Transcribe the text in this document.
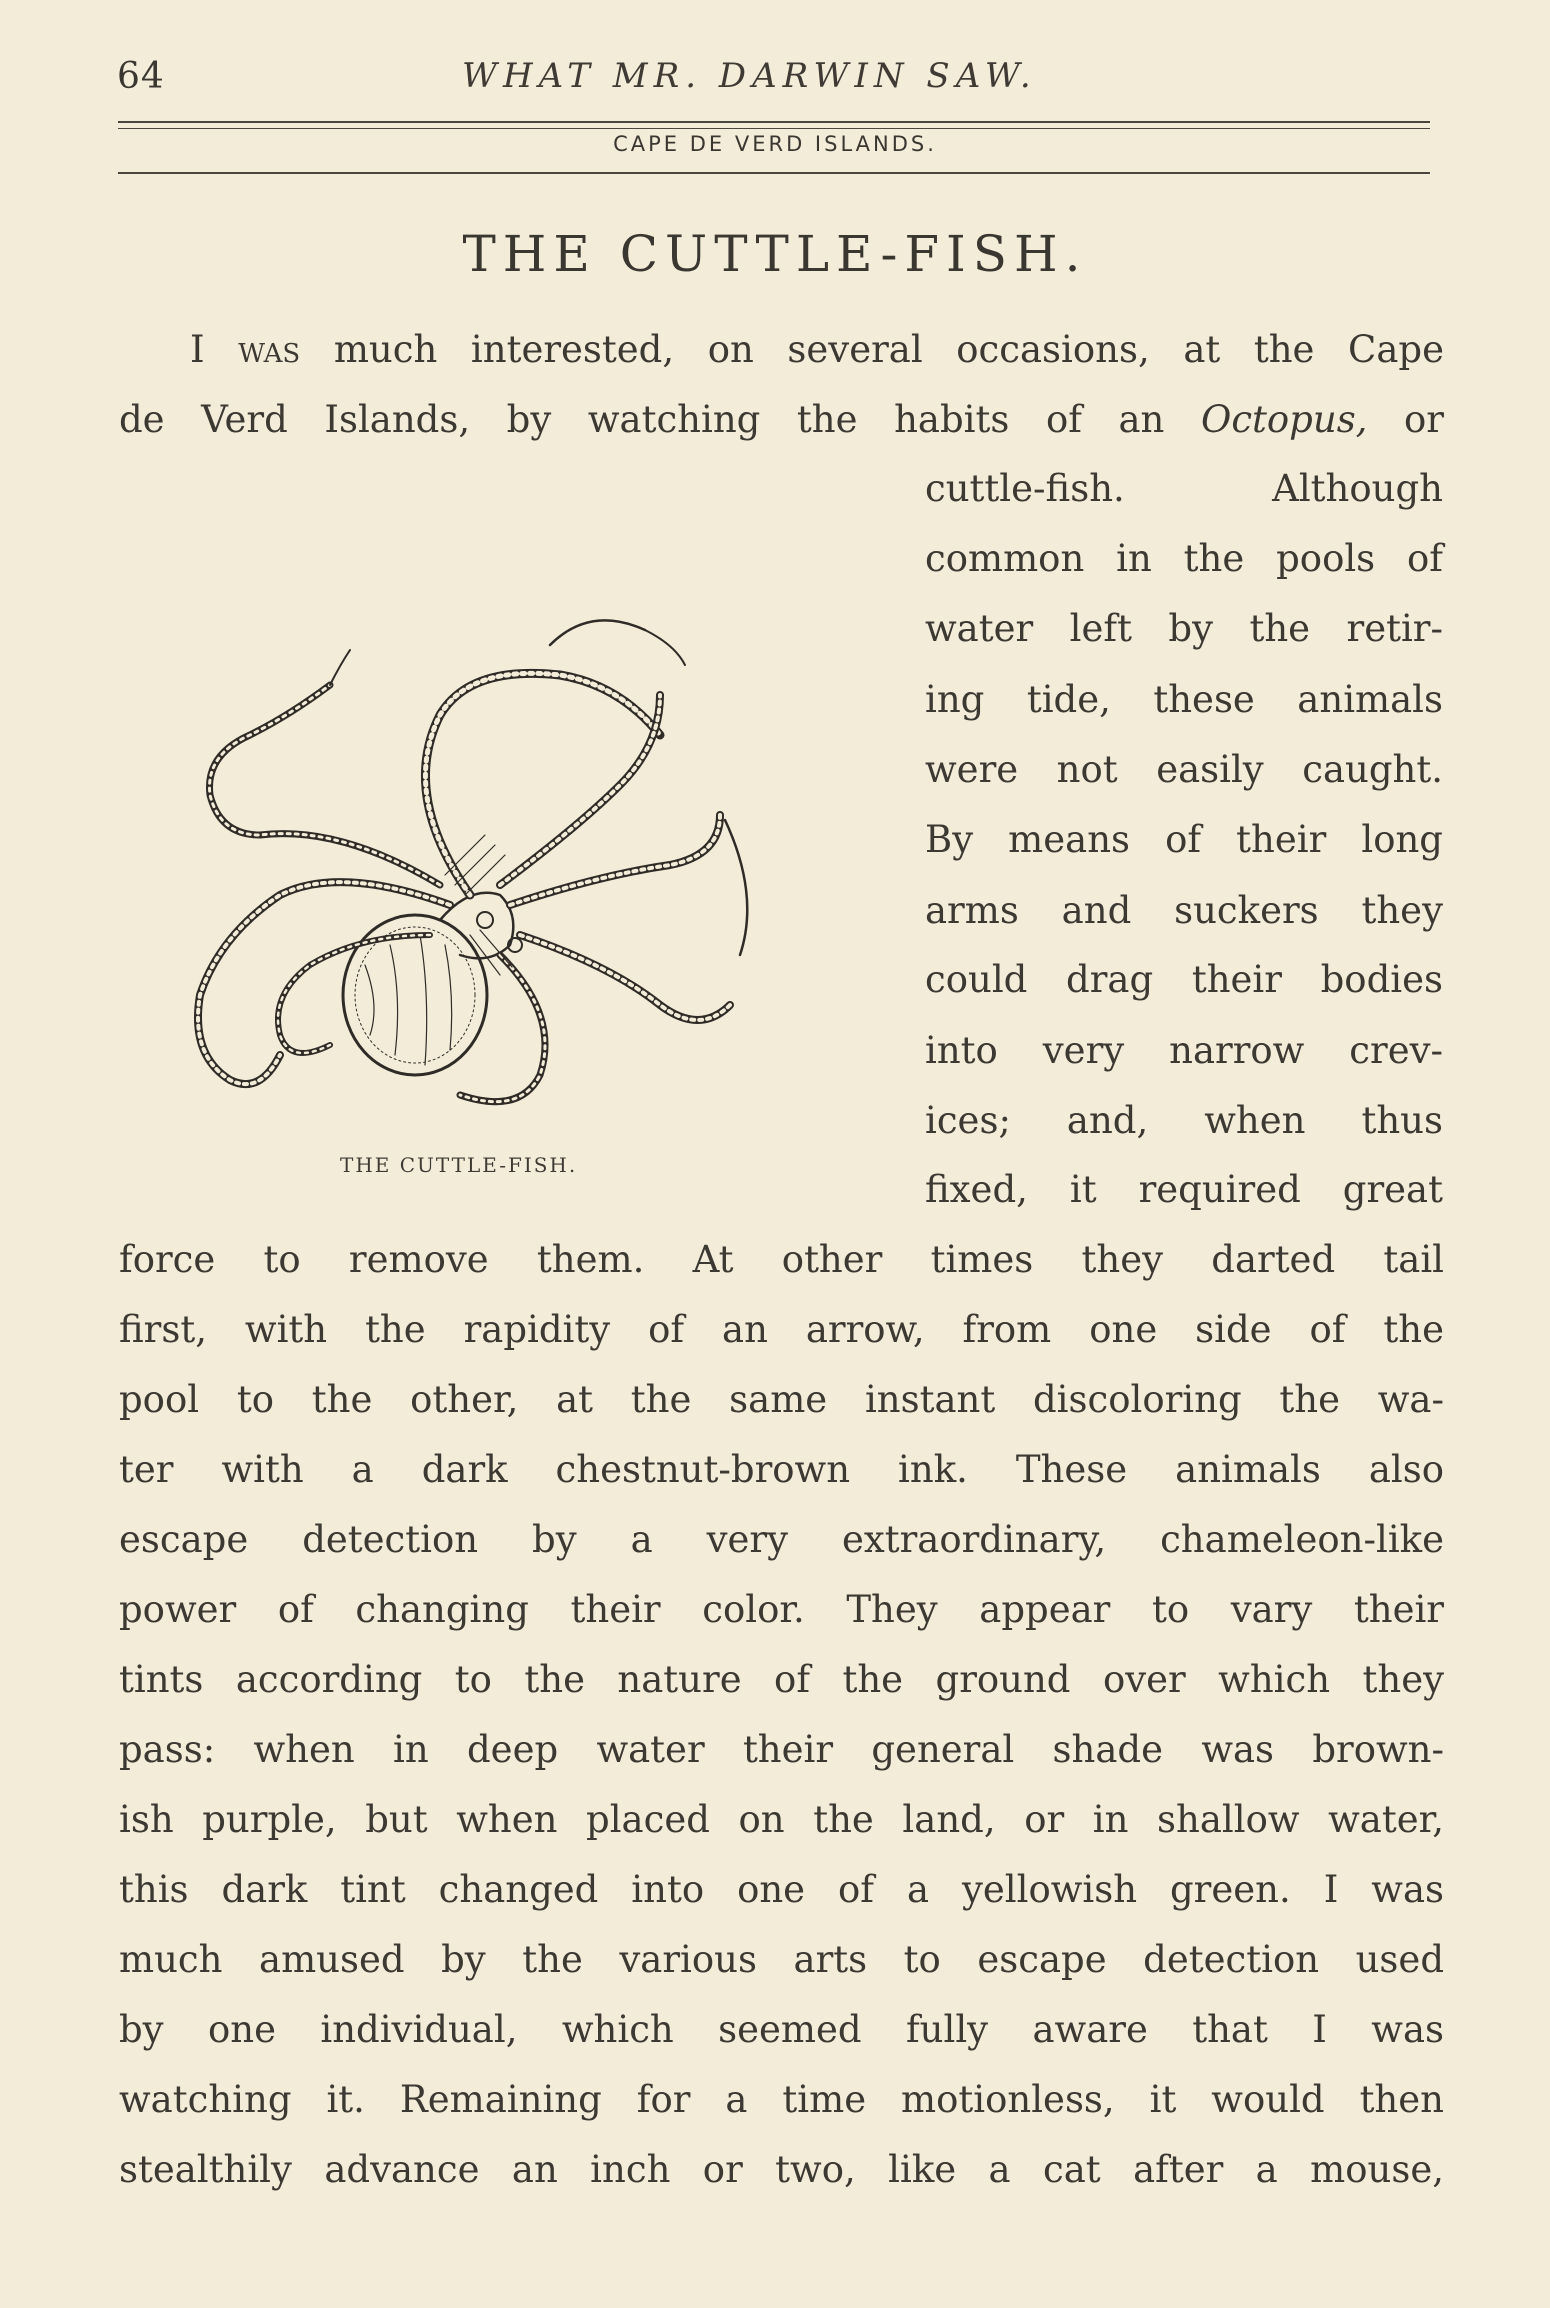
64	WHAT MR. DARWIN SAW.
CAPE DE VERD ISLANDS.
THE CUTTLE-FISH.
I was much interested, on several occasions, at the Cape
de Verd Islands, by watching the habits of an Octopus, or
cuttle-fish. Although
common in the pools of
water left by the retir-
ing tide, these animals
were not easily caught.
By means of their long
arms and suckers they
could drag their bodies
into very narrow crev-
ices; and, when thus
fixed, it required great
THE CUTTLE-FISH.
force to remove them. At other times they darted tail
first, with the rapidity of an arrow, from one side of the
pool to the other, at the same instant discoloring the wa-
ter with a dark chestnut-brown ink. These animals also
escape detection by a very extraordinary, chameleon-like
power of changing their color. They appear to vary their
tints according to the nature of the ground over which they
pass: when in deep water their general shade was brown-
ish purple, but when placed on the land, or in shallow water,
this dark tint changed into one of a yellowish green. I was
much amused by the various arts to escape detection used
by one individual, which seemed fully aware that I was
watching it. Remaining for a time motionless, it would then
stealthily advance an inch or two, like a cat after a mouse,
